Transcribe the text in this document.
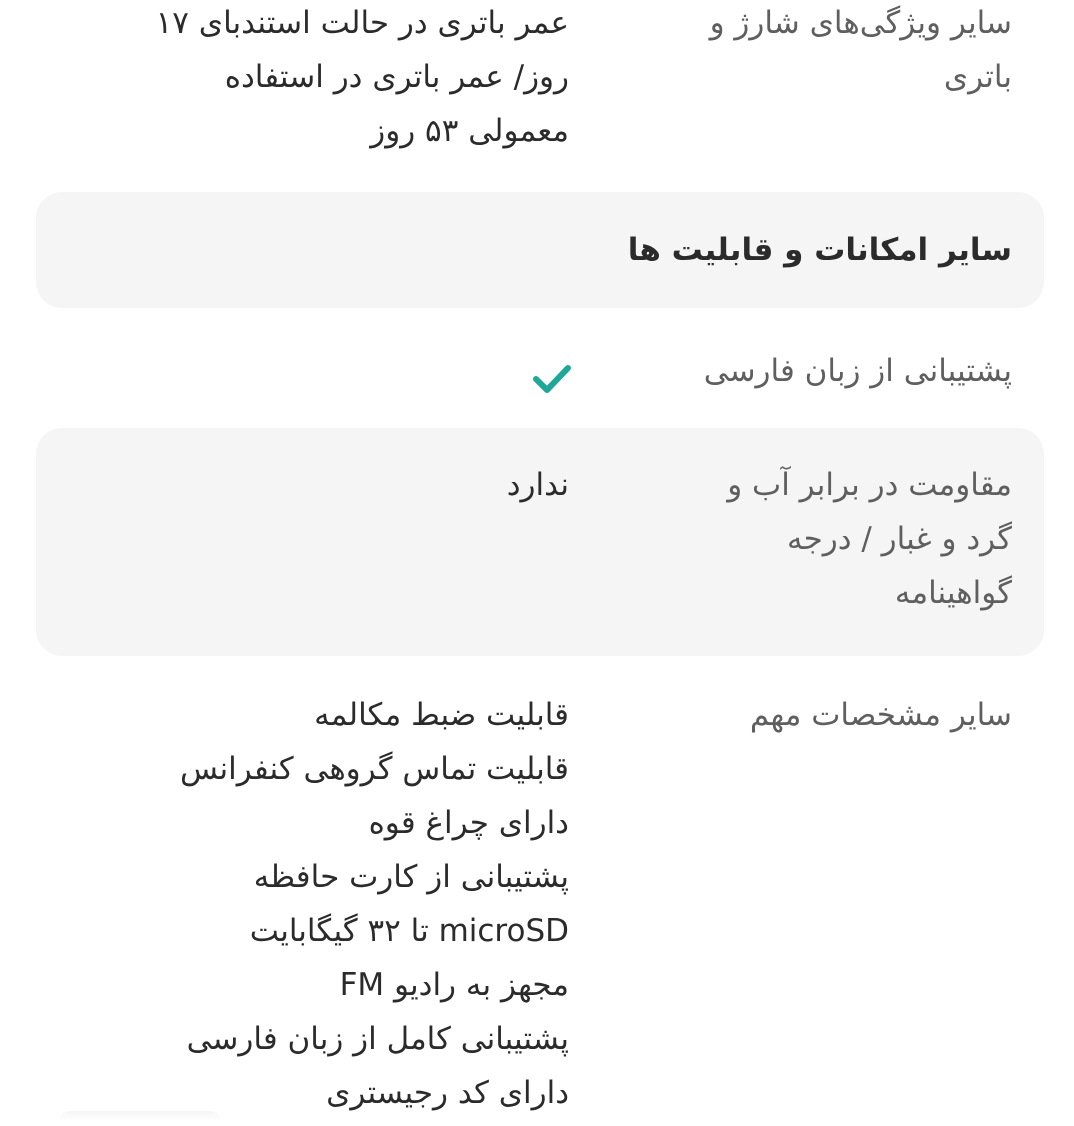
سایر ویژگی‌های شارژ و باتری
عمر باتری در حالت استندبای ۱۷
روز/ عمر باتری در استفاده
معمولی ۵۳ روز
سایر امکانات و قابلیت ها
پشتیبانی از زبان فارسی
مقاومت در برابر آب و گرد و غبار / درجه گواهینامه
ندارد
سایر مشخصات مهم
قابلیت ضبط مکالمه
قابلیت تماس گروهی کنفرانس
دارای چراغ قوه
پشتیبانی از کارت حافظه
microSD تا ۳۲ گیگابایت
مجهز به رادیو FM
پشتیبانی کامل از زبان فارسی
دارای کد رجیستری
